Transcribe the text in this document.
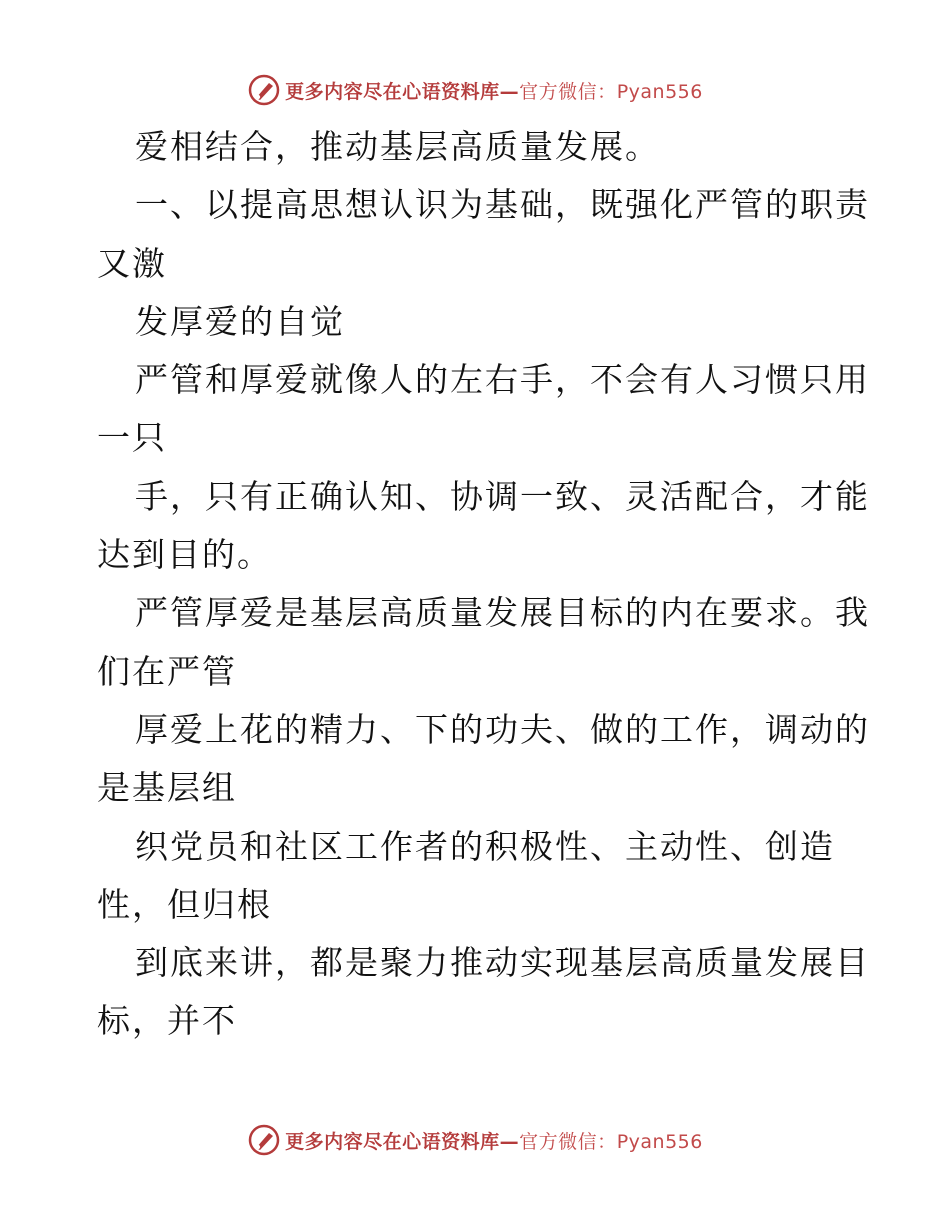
更多内容尽在心语资料库—官方微信：Pyan556
爱相结合，推动基层高质量发展。
一、以提高思想认识为基础，既强化严管的职责
又激
发厚爱的自觉
严管和厚爱就像人的左右手，不会有人习惯只用
一只
手，只有正确认知、协调一致、灵活配合，才能
达到目的。
严管厚爱是基层高质量发展目标的内在要求。我
们在严管
厚爱上花的精力、下的功夫、做的工作，调动的
是基层组
织党员和社区工作者的积极性、主动性、创造
性，但归根
到底来讲，都是聚力推动实现基层高质量发展目
标，并不
更多内容尽在心语资料库—官方微信：Pyan556
